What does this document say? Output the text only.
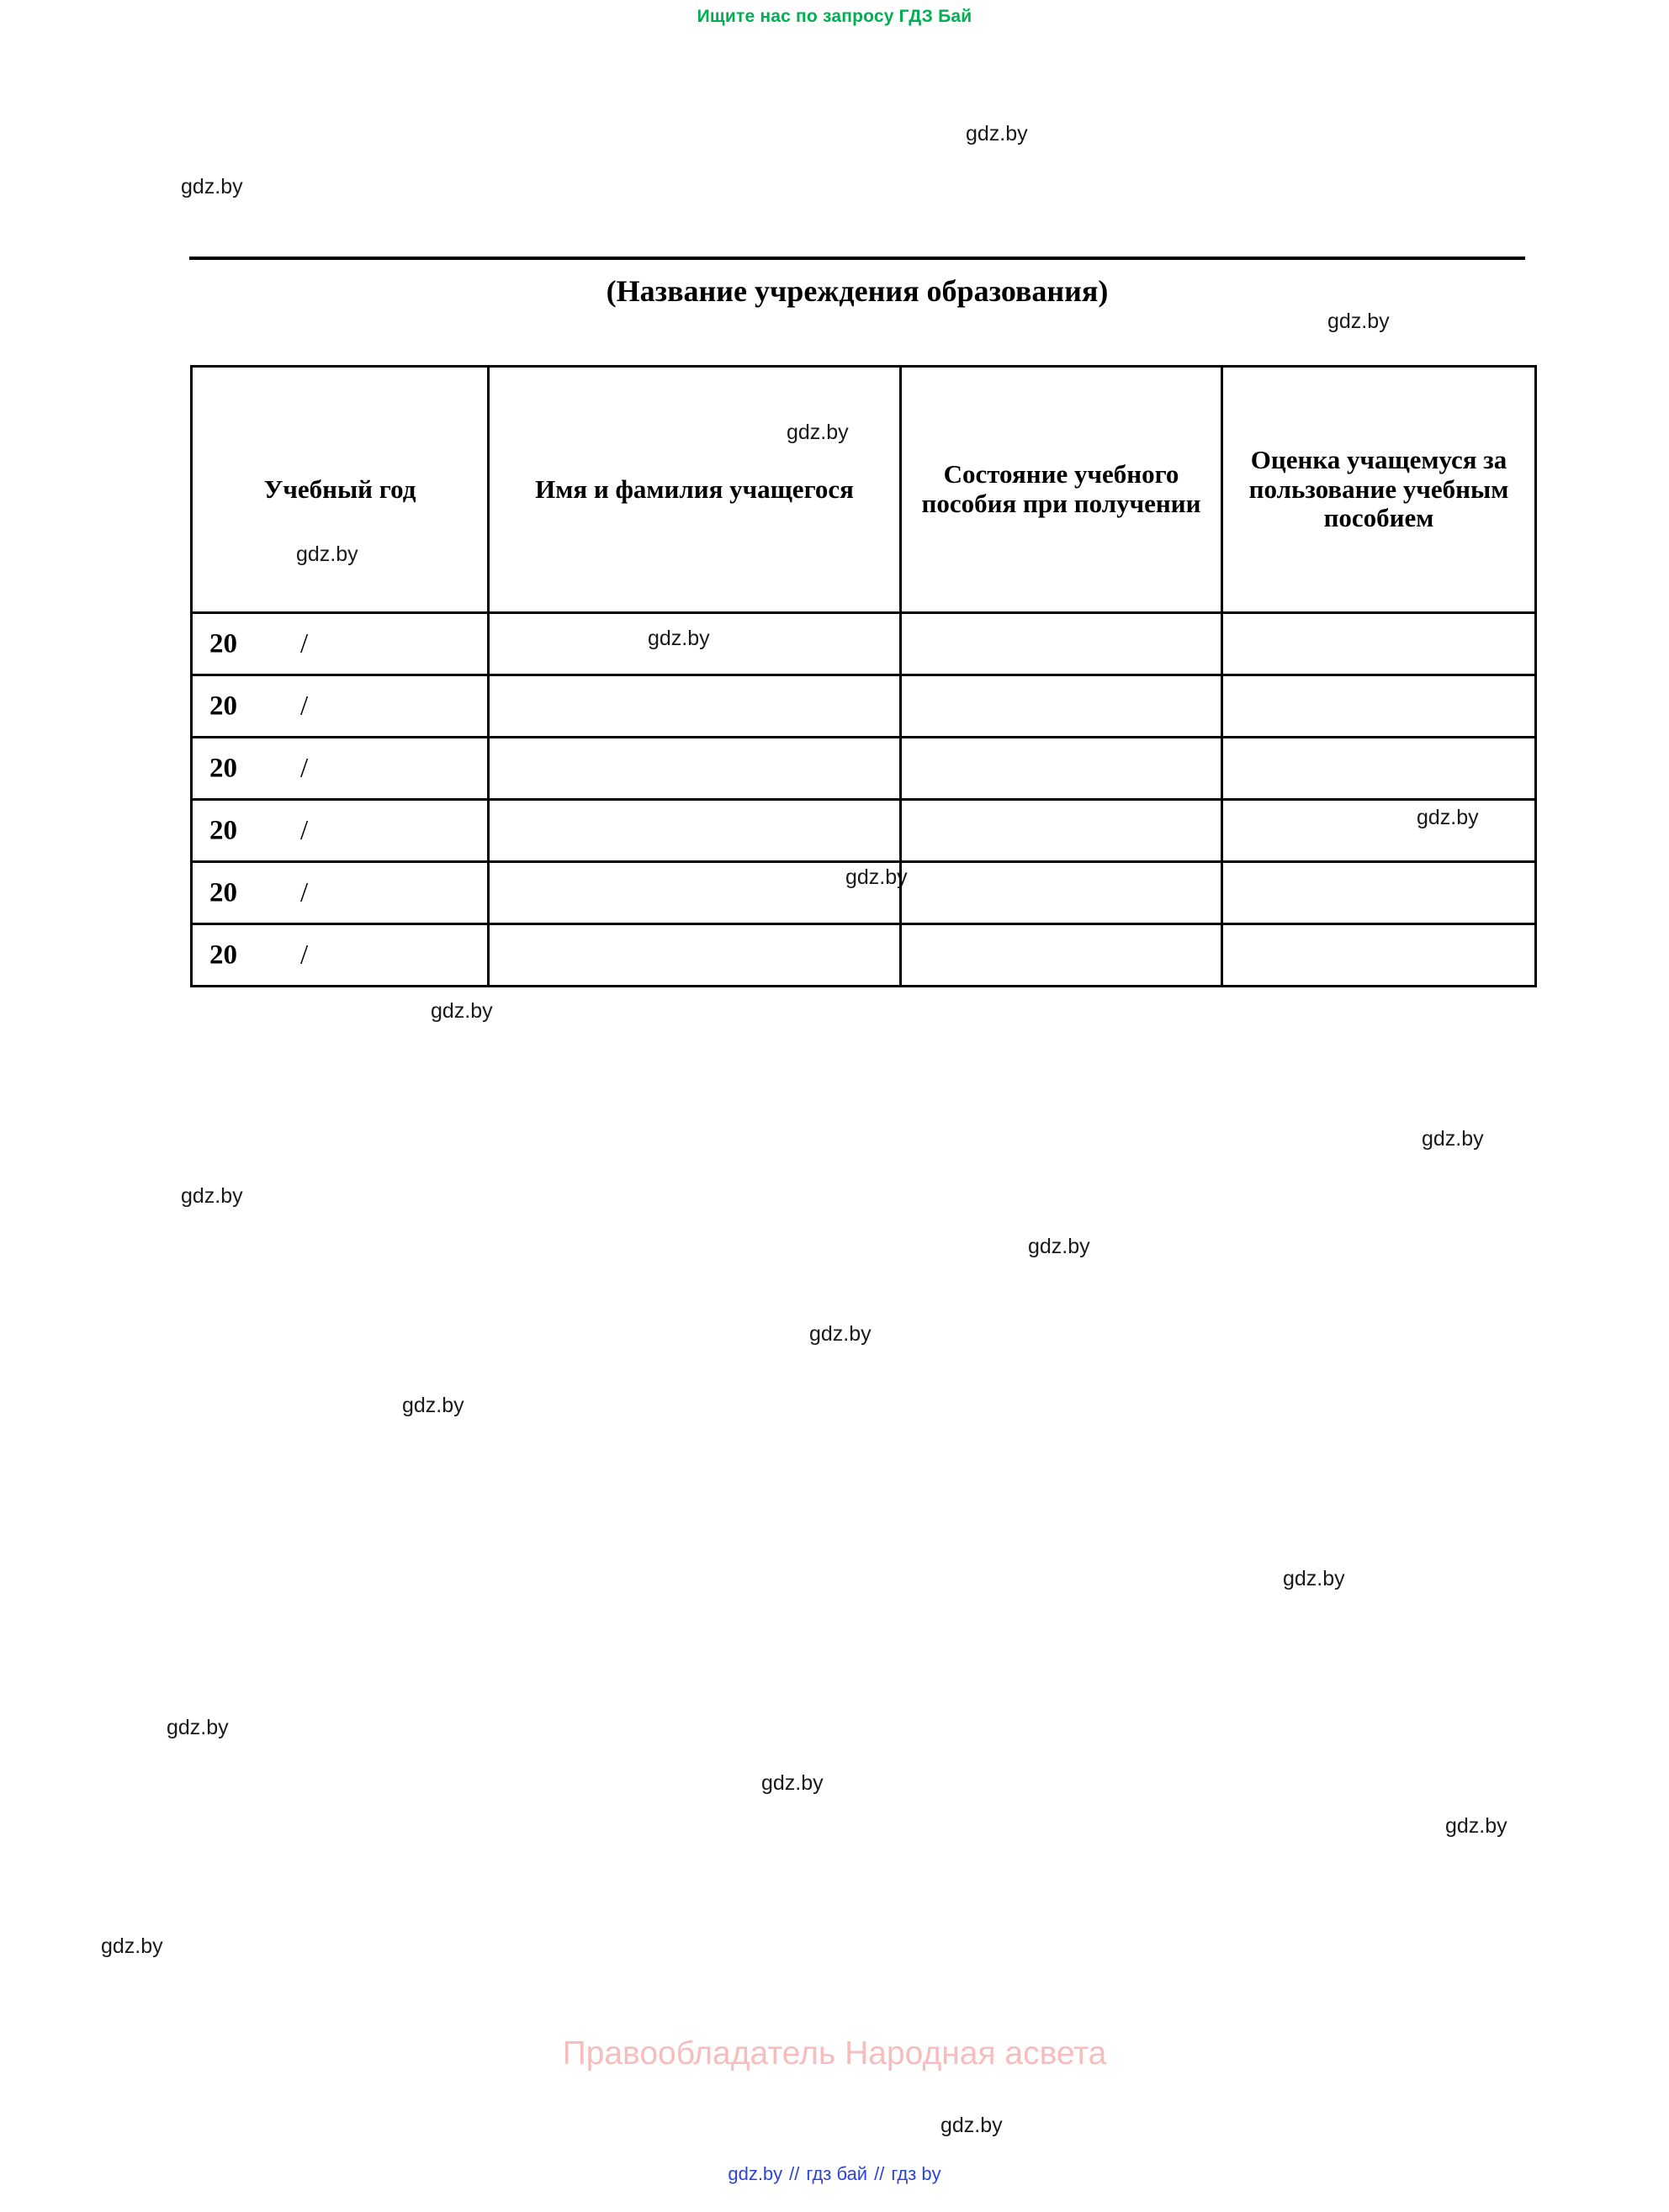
Ищите нас по запросу ГДЗ Бай
gdz.by
gdz.by
gdz.by
gdz.by
gdz.by
gdz.by
gdz.by
gdz.by
gdz.by
gdz.by
gdz.by
gdz.by
gdz.by
gdz.by
gdz.by
gdz.by
gdz.by
gdz.by
gdz.by
gdz.by
(Название учреждения образования)
Учебный год	Имя и фамилия учащегося	Состояние учебного пособия при получении	Оценка учащемуся за пользование учебным пособием

20 /			

20 /			

20 /			

20 /			

20 /			

20 /			

Правообладатель Народная асвета
gdz.by // гдз бай // гдз by
